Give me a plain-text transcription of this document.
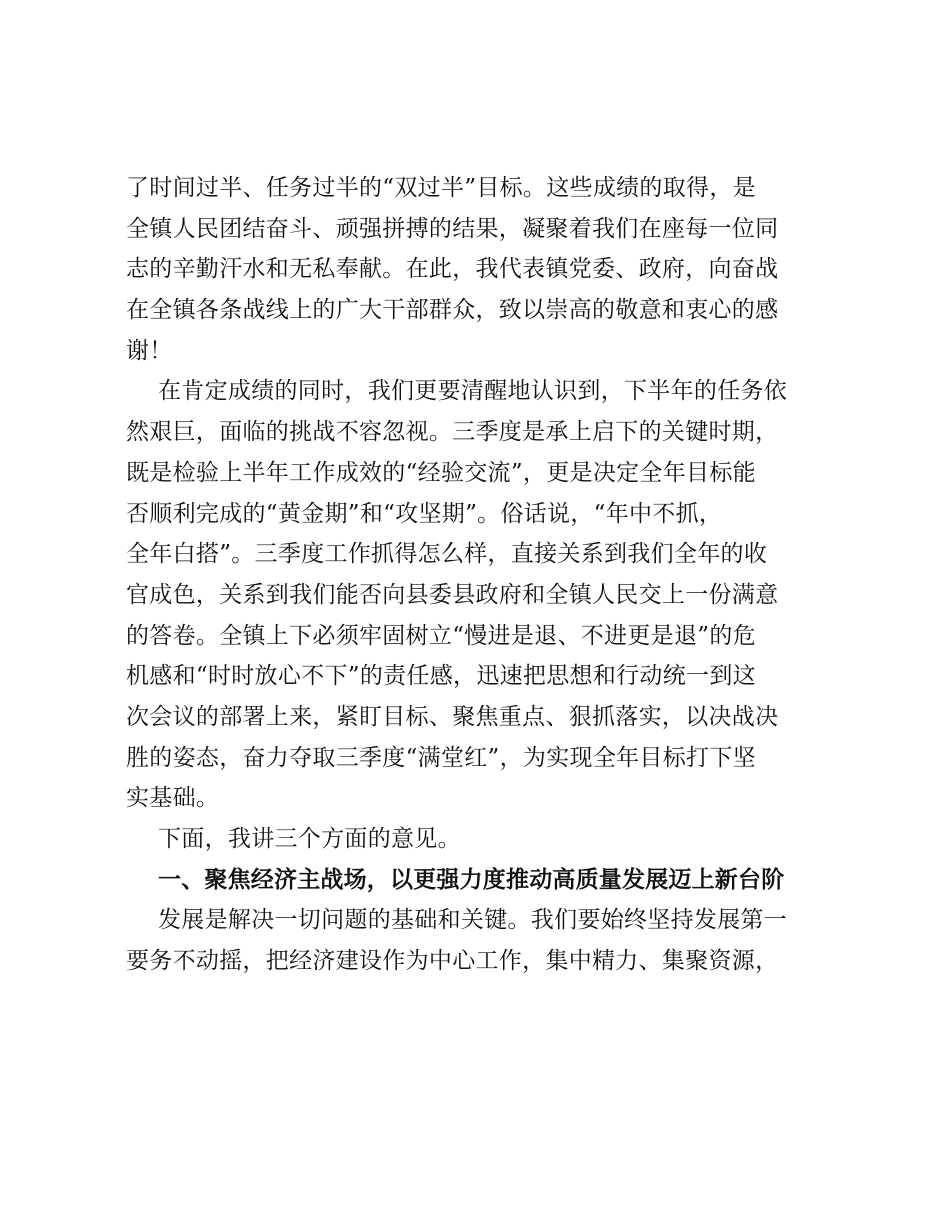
了时间过半、任务过半的“双过半”目标。这些成绩的取得，是
全镇人民团结奋斗、顽强拼搏的结果，凝聚着我们在座每一位同
志的辛勤汗水和无私奉献。在此，我代表镇党委、政府，向奋战
在全镇各条战线上的广大干部群众，致以崇高的敬意和衷心的感
谢！
在肯定成绩的同时，我们更要清醒地认识到，下半年的任务依
然艰巨，面临的挑战不容忽视。三季度是承上启下的关键时期，
既是检验上半年工作成效的“经验交流”，更是决定全年目标能
否顺利完成的“黄金期”和“攻坚期”。俗话说，“年中不抓，
全年白搭”。三季度工作抓得怎么样，直接关系到我们全年的收
官成色，关系到我们能否向县委县政府和全镇人民交上一份满意
的答卷。全镇上下必须牢固树立“慢进是退、不进更是退”的危
机感和“时时放心不下”的责任感，迅速把思想和行动统一到这
次会议的部署上来，紧盯目标、聚焦重点、狠抓落实，以决战决
胜的姿态，奋力夺取三季度“满堂红”，为实现全年目标打下坚
实基础。
下面，我讲三个方面的意见。
一、聚焦经济主战场，以更强力度推动高质量发展迈上新台阶
发展是解决一切问题的基础和关键。我们要始终坚持发展第一
要务不动摇，把经济建设作为中心工作，集中精力、集聚资源，
